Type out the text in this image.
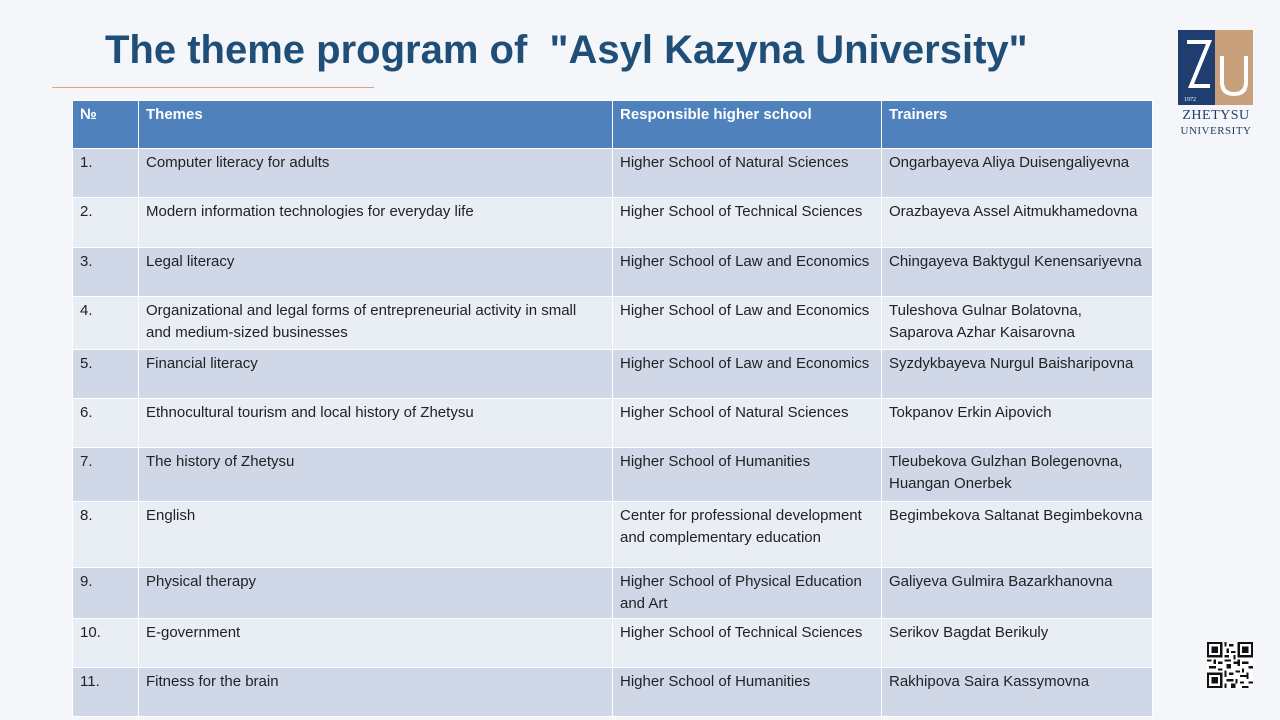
The theme program of  "Asyl Kazyna University"
1972
ZHETYSU
UNIVERSITY
№	Themes	Responsible higher school	Trainers
1.	Computer literacy for adults	Higher School of Natural Sciences	Ongarbayeva Aliya Duisengaliyevna
2.	Modern information technologies for everyday life	Higher School of Technical Sciences	Orazbayeva Assel Aitmukhamedovna
3.	Legal literacy	Higher School of Law and Economics	Chingayeva Baktygul Kenensariyevna
4.	Organizational and legal forms of entrepreneurial activity in small and medium-sized businesses	Higher School of Law and Economics	Tuleshova Gulnar Bolatovna, Saparova Azhar Kaisarovna
5.	Financial literacy	Higher School of Law and Economics	Syzdykbayeva Nurgul Baisharipovna
6.	Ethnocultural tourism and local history of Zhetysu	Higher School of Natural Sciences	Tokpanov Erkin Aipovich
7.	The history of Zhetysu	Higher School of Humanities	Tleubekova Gulzhan Bolegenovna, Huangan Onerbek
8.	English	Center for professional development and complementary education	Begimbekova Saltanat Begimbekovna
9.	Physical therapy	Higher School of Physical Education and Art	Galiyeva Gulmira Bazarkhanovna
10.	E-government	Higher School of Technical Sciences	Serikov Bagdat Berikuly
11.	Fitness for the brain	Higher School of Humanities	Rakhipova Saira Kassymovna
